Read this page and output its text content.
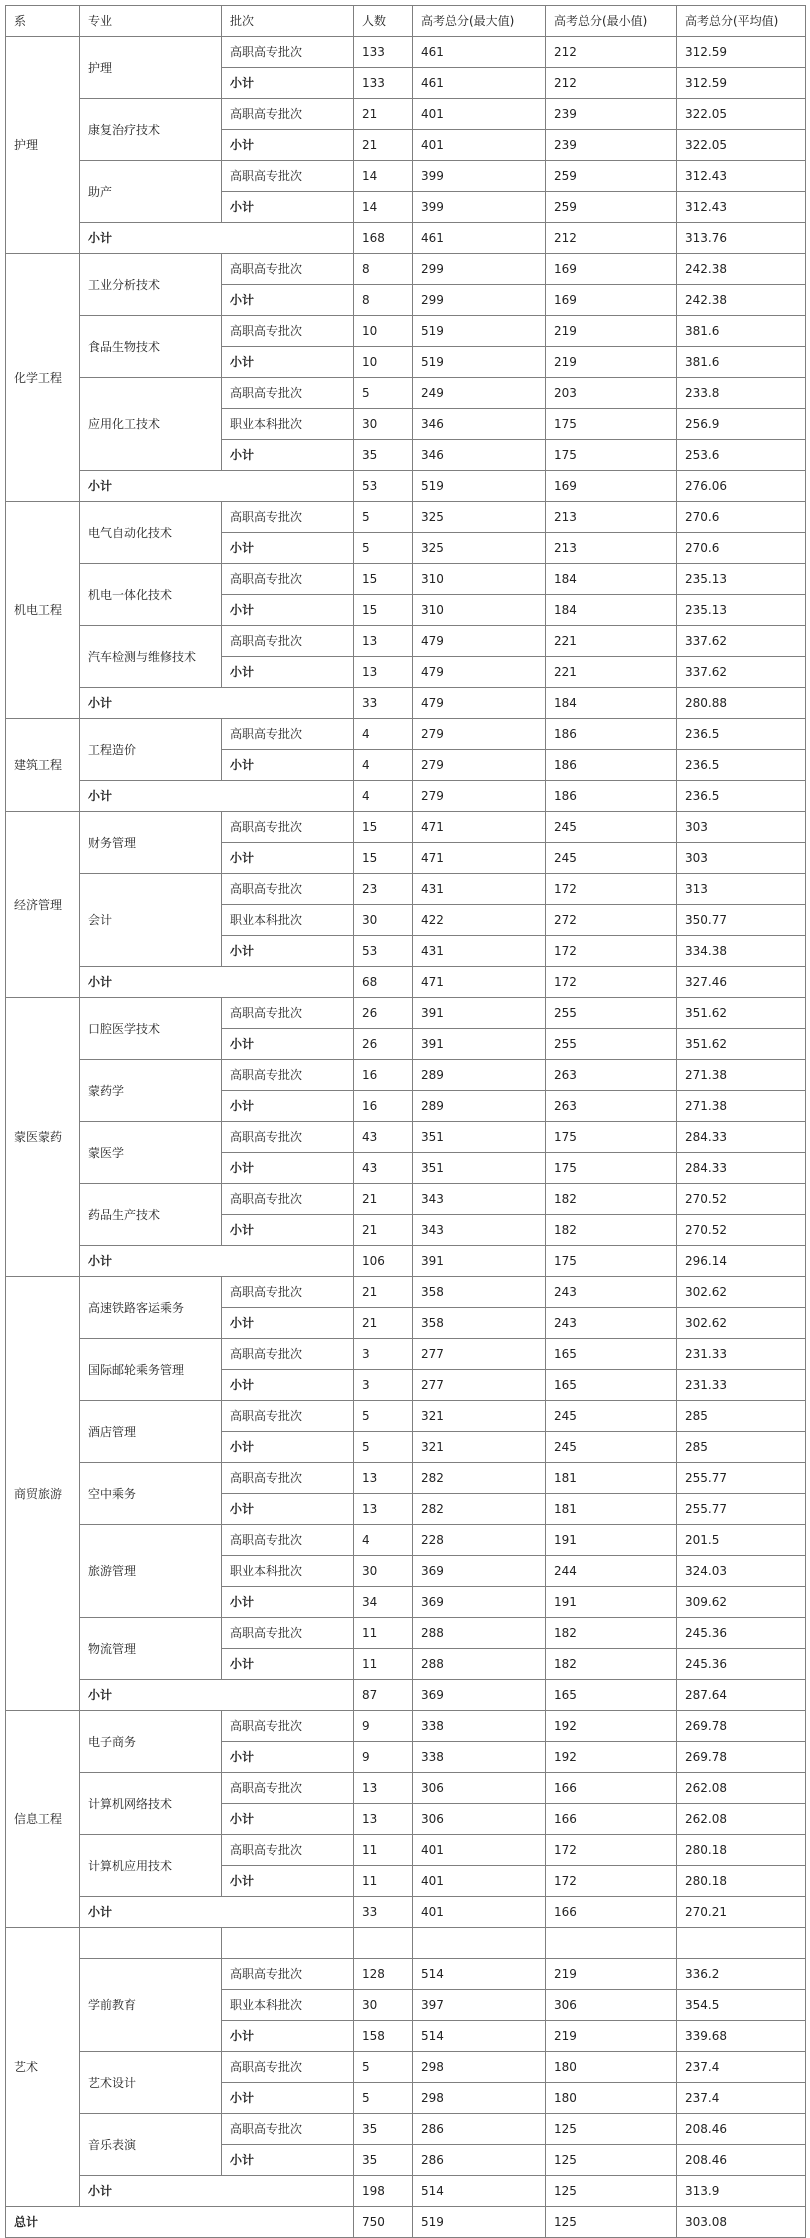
系	专业	批次	人数	高考总分(最大值)	高考总分(最小值)	高考总分(平均值)
护理	护理	高职高专批次	133	461	212	312.59
		小计	133	461	212	312.59
	康复治疗技术	高职高专批次	21	401	239	322.05
		小计	21	401	239	322.05
	助产	高职高专批次	14	399	259	312.43
		小计	14	399	259	312.43
	小计		168	461	212	313.76
化学工程	工业分析技术	高职高专批次	8	299	169	242.38
		小计	8	299	169	242.38
	食品生物技术	高职高专批次	10	519	219	381.6
		小计	10	519	219	381.6
	应用化工技术	高职高专批次	5	249	203	233.8
		职业本科批次	30	346	175	256.9
		小计	35	346	175	253.6
	小计		53	519	169	276.06
机电工程	电气自动化技术	高职高专批次	5	325	213	270.6
		小计	5	325	213	270.6
	机电一体化技术	高职高专批次	15	310	184	235.13
		小计	15	310	184	235.13
	汽车检测与维修技术	高职高专批次	13	479	221	337.62
		小计	13	479	221	337.62
	小计		33	479	184	280.88
建筑工程	工程造价	高职高专批次	4	279	186	236.5
		小计	4	279	186	236.5
	小计		4	279	186	236.5
经济管理	财务管理	高职高专批次	15	471	245	303
		小计	15	471	245	303
	会计	高职高专批次	23	431	172	313
		职业本科批次	30	422	272	350.77
		小计	53	431	172	334.38
	小计		68	471	172	327.46
蒙医蒙药	口腔医学技术	高职高专批次	26	391	255	351.62
		小计	26	391	255	351.62
	蒙药学	高职高专批次	16	289	263	271.38
		小计	16	289	263	271.38
	蒙医学	高职高专批次	43	351	175	284.33
		小计	43	351	175	284.33
	药品生产技术	高职高专批次	21	343	182	270.52
		小计	21	343	182	270.52
	小计		106	391	175	296.14
商贸旅游	高速铁路客运乘务	高职高专批次	21	358	243	302.62
		小计	21	358	243	302.62
	国际邮轮乘务管理	高职高专批次	3	277	165	231.33
		小计	3	277	165	231.33
	酒店管理	高职高专批次	5	321	245	285
		小计	5	321	245	285
	空中乘务	高职高专批次	13	282	181	255.77
		小计	13	282	181	255.77
	旅游管理	高职高专批次	4	228	191	201.5
		职业本科批次	30	369	244	324.03
		小计	34	369	191	309.62
	物流管理	高职高专批次	11	288	182	245.36
		小计	11	288	182	245.36
	小计		87	369	165	287.64
信息工程	电子商务	高职高专批次	9	338	192	269.78
		小计	9	338	192	269.78
	计算机网络技术	高职高专批次	13	306	166	262.08
		小计	13	306	166	262.08
	计算机应用技术	高职高专批次	11	401	172	280.18
		小计	11	401	172	280.18
	小计		33	401	166	270.21
艺术						
	学前教育	高职高专批次	128	514	219	336.2
		职业本科批次	30	397	306	354.5
		小计	158	514	219	339.68
	艺术设计	高职高专批次	5	298	180	237.4
		小计	5	298	180	237.4
	音乐表演	高职高专批次	35	286	125	208.46
		小计	35	286	125	208.46
	小计		198	514	125	313.9
总计			750	519	125	303.08
